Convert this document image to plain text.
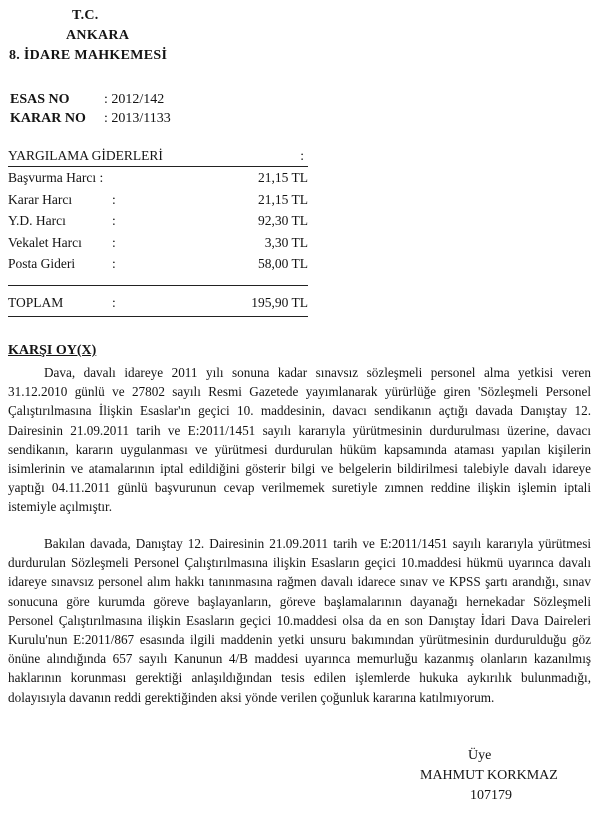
T.C.
ANKARA
8. İDARE MAHKEMESİ
ESAS NO : 2012/142
KARAR NO : 2013/1133
YARGILAMA GİDERLERİ	:
Başvurma Harcı :	21,15 TL
Karar Harcı	:	21,15 TL
Y.D. Harcı	:	92,30 TL
Vekalet Harcı :	3,30 TL
Posta Gideri	:	58,00 TL
TOPLAM	:	195,90 TL
KARŞI OY(X)

Dava, davalı idareye 2011 yılı sonuna kadar sınavsız sözleşmeli personel alma yetkisi veren 31.12.2010 günlü ve 27802 sayılı Resmi Gazetede yayımlanarak yürürlüğe giren 'Sözleşmeli Personel Çalıştırılmasına İlişkin Esaslar'ın geçici 10. maddesinin, davacı sendikanın açtığı davada Danıştay 12. Dairesinin 21.09.2011 tarih ve E:2011/1451 sayılı kararıyla yürütmesinin durdurulması üzerine, davacı sendikanın, kararın uygulanması ve yürütmesi durdurulan hüküm kapsamında ataması yapılan kişilerin isimlerinin ve atamalarının iptal edildiğini gösterir bilgi ve belgelerin bildirilmesi talebiyle davalı idareye yaptığı 04.11.2011 günlü başvurunun cevap verilmemek suretiyle zımnen reddine ilişkin işlemin iptali istemiyle açılmıştır.

Bakılan davada, Danıştay 12. Dairesinin 21.09.2011 tarih ve E:2011/1451 sayılı kararıyla yürütmesi durdurulan Sözleşmeli Personel Çalıştırılmasına ilişkin Esasların geçici 10.maddesi hükmü uyarınca davalı idareye sınavsız personel alım hakkı tanınmasına rağmen davalı idarece sınav ve KPSS şartı arandığı, sınav sonucuna göre kurumda göreve başlayanların, göreve başlamalarının dayanağı hernekadar Sözleşmeli Personel Çalıştırılmasına ilişkin Esasların geçici 10.maddesi olsa da en son Danıştay İdari Dava Daireleri Kurulu'nun E:2011/867 esasında ilgili maddenin yetki unsuru bakımından yürütmesinin durdurulduğu göz önüne alındığında 657 sayılı Kanunun 4/B maddesi uyarınca memurluğu kazanmış olanların kazanılmış haklarının korunması gerektiği anlaşıldığından tesis edilen işlemlerde hukuka aykırılık bulunmadığı, dolayısıyla davanın reddi gerektiğinden aksi yönde verilen çoğunluk kararına katılmıyorum.

Üye
MAHMUT KORKMAZ
107179
